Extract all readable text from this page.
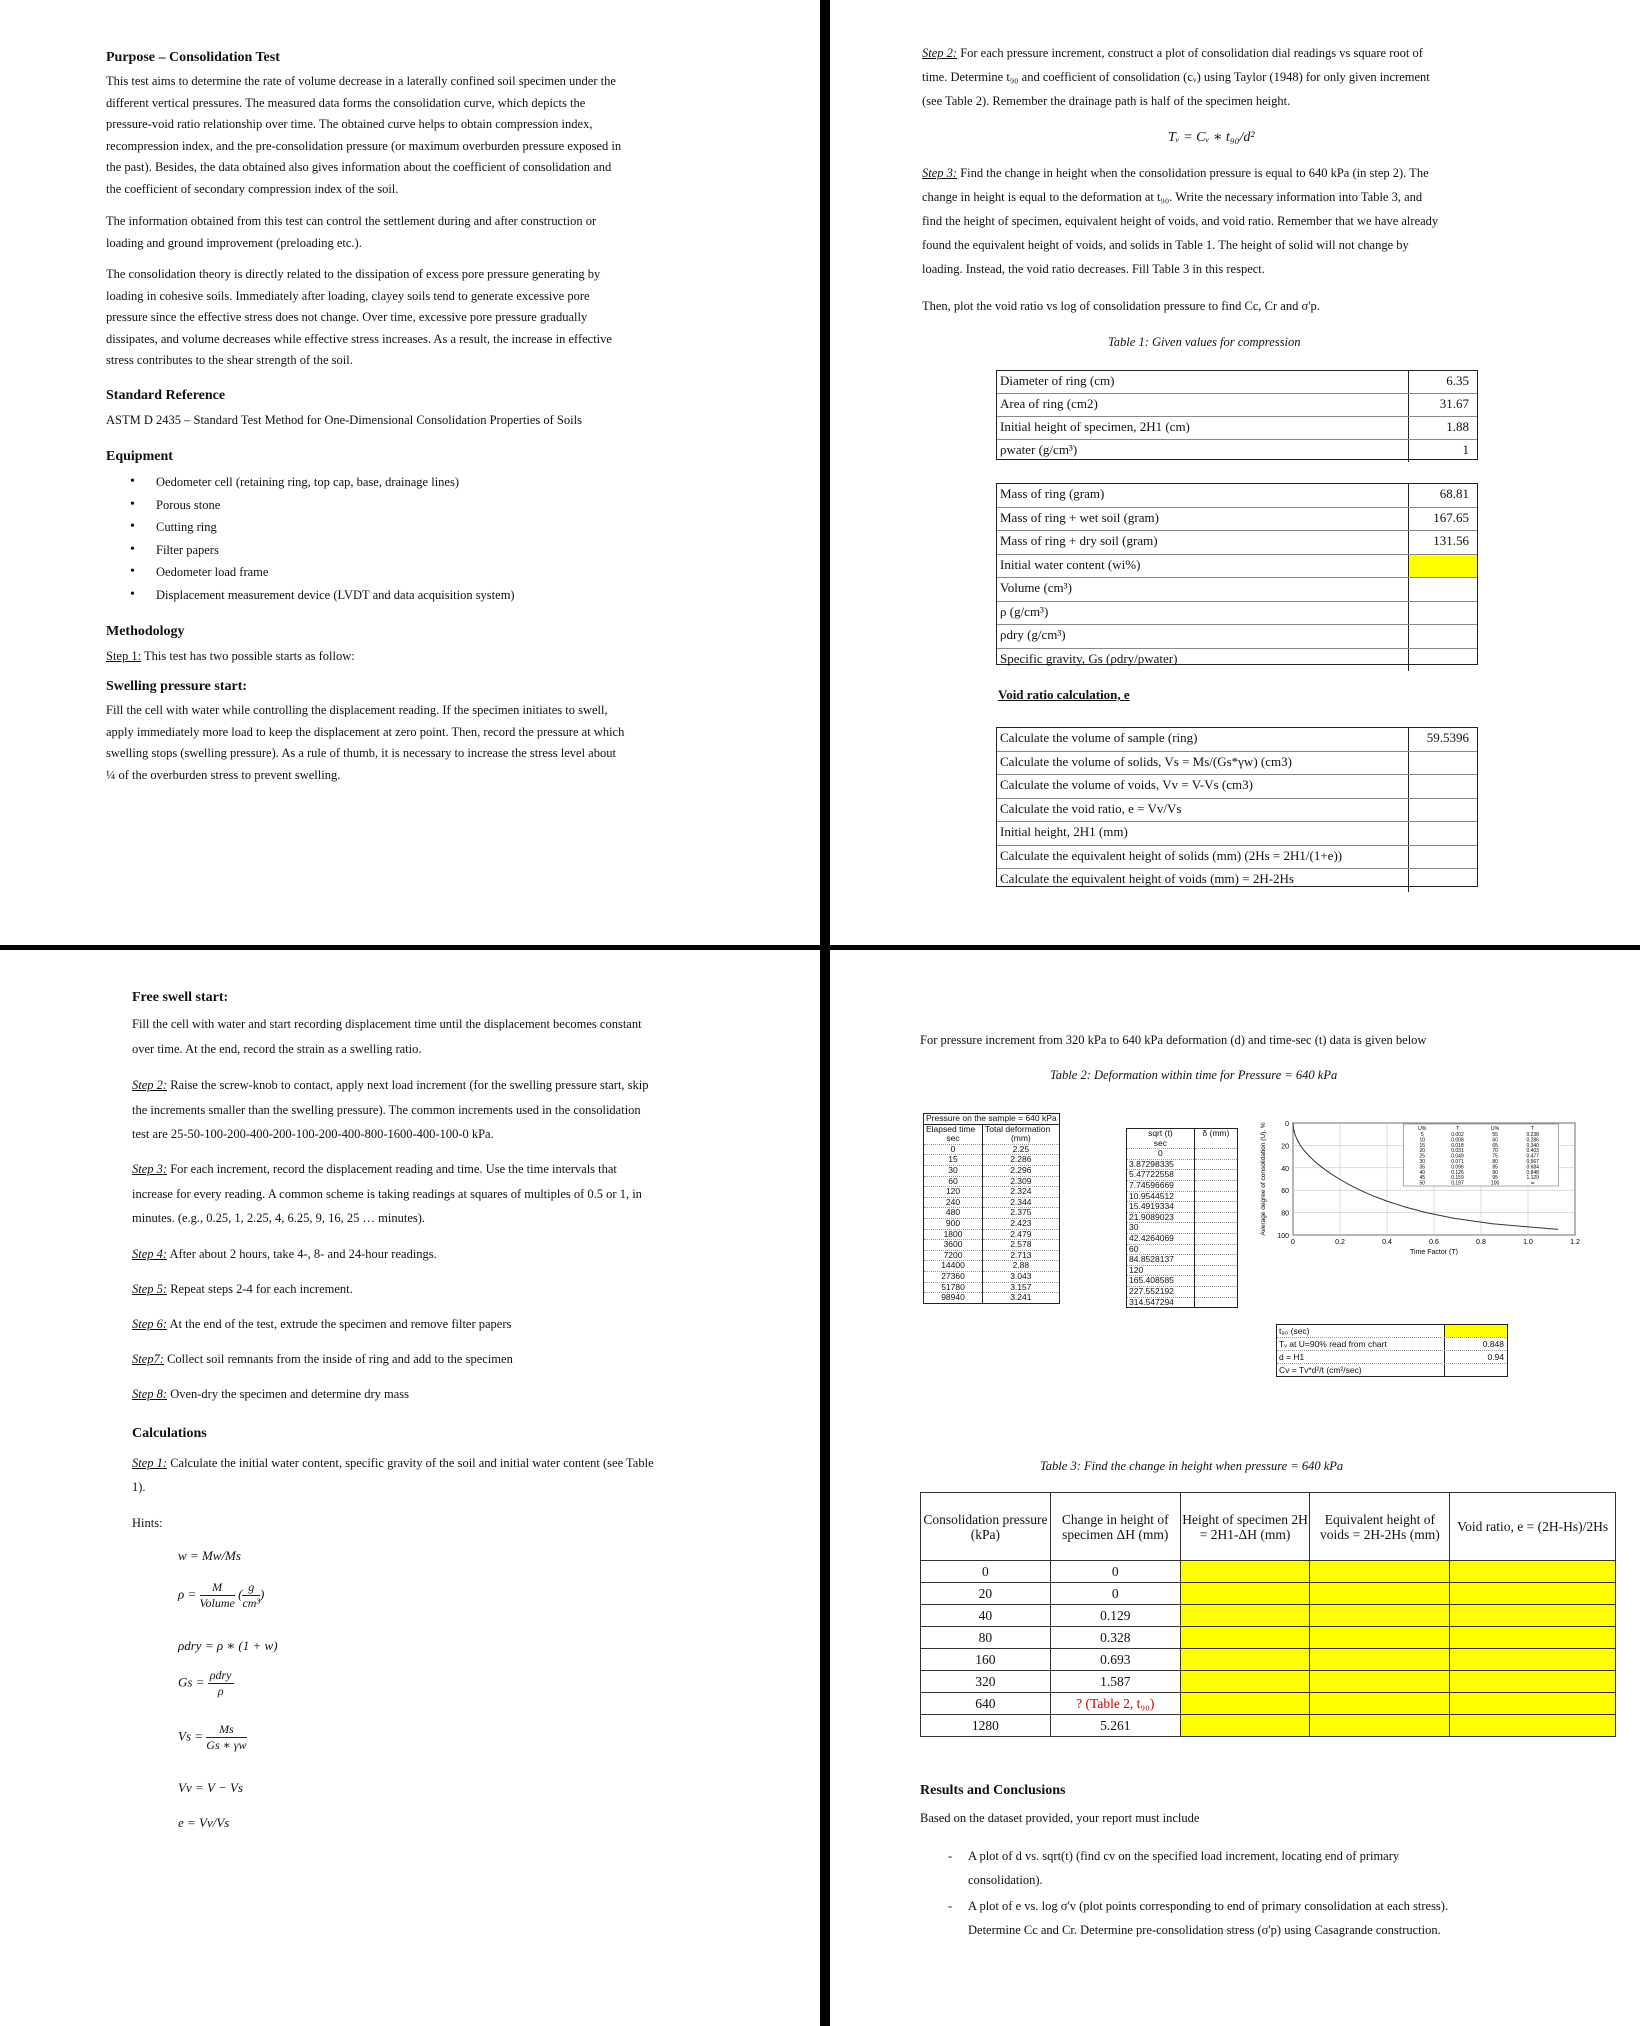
Purpose – Consolidation Test
This test aims to determine the rate of volume decrease in a laterally confined soil specimen under the
different vertical pressures. The measured data forms the consolidation curve, which depicts the
pressure-void ratio relationship over time. The obtained curve helps to obtain compression index,
recompression index, and the pre-consolidation pressure (or maximum overburden pressure exposed in
the past). Besides, the data obtained also gives information about the coefficient of consolidation and
the coefficient of secondary compression index of the soil.
The information obtained from this test can control the settlement during and after construction or
loading and ground improvement (preloading etc.).
The consolidation theory is directly related to the dissipation of excess pore pressure generating by
loading in cohesive soils. Immediately after loading, clayey soils tend to generate excessive pore
pressure since the effective stress does not change. Over time, excessive pore pressure gradually
dissipates, and volume decreases while effective stress increases. As a result, the increase in effective
stress contributes to the shear strength of the soil.
Standard Reference
ASTM D 2435 – Standard Test Method for One-Dimensional Consolidation Properties of Soils
Equipment
• Oedometer cell (retaining ring, top cap, base, drainage lines)
• Porous stone
• Cutting ring
• Filter papers
• Oedometer load frame
• Displacement measurement device (LVDT and data acquisition system)
Methodology
Step 1: This test has two possible starts as follow:
Swelling pressure start:
Fill the cell with water while controlling the displacement reading. If the specimen initiates to swell,
apply immediately more load to keep the displacement at zero point. Then, record the pressure at which
swelling stops (swelling pressure). As a rule of thumb, it is necessary to increase the stress level about
¼ of the overburden stress to prevent swelling.
Step 2: For each pressure increment, construct a plot of consolidation dial readings vs square root of
time. Determine t₉₀ and coefficient of consolidation (cᵥ) using Taylor (1948) for only given increment
(see Table 2). Remember the drainage path is half of the specimen height.
Tᵥ = Cᵥ ∗ t₉₀/d²
Step 3: Find the change in height when the consolidation pressure is equal to 640 kPa (in step 2). The
change in height is equal to the deformation at t₉₀. Write the necessary information into Table 3, and
find the height of specimen, equivalent height of voids, and void ratio. Remember that we have already
found the equivalent height of voids, and solids in Table 1. The height of solid will not change by
loading. Instead, the void ratio decreases. Fill Table 3 in this respect.
Then, plot the void ratio vs log of consolidation pressure to find Cc, Cr and σ'p.
Table 1: Given values for compression
Diameter of ring (cm)	6.35
Area of ring (cm2)	31.67
Initial height of specimen, 2H1 (cm)	1.88
ρwater (g/cm³)	1
Mass of ring (gram)	68.81
Mass of ring + wet soil (gram)	167.65
Mass of ring + dry soil (gram)	131.56
Initial water content (wi%)
Volume (cm³)
ρ (g/cm³)
ρdry (g/cm³)
Specific gravity, Gs (ρdry/ρwater)
Void ratio calculation, e
Calculate the volume of sample (ring)	59.5396
Calculate the volume of solids, Vs = Ms/(Gs*γw) (cm3)
Calculate the volume of voids, Vv = V-Vs (cm3)
Calculate the void ratio, e = Vv/Vs
Initial height, 2H1 (mm)
Calculate the equivalent height of solids (mm) (2Hs = 2H1/(1+e))
Calculate the equivalent height of voids (mm) = 2H-2Hs
Free swell start:
Fill the cell with water and start recording displacement time until the displacement becomes constant
over time. At the end, record the strain as a swelling ratio.
Step 2: Raise the screw-knob to contact, apply next load increment (for the swelling pressure start, skip
the increments smaller than the swelling pressure). The common increments used in the consolidation
test are 25-50-100-200-400-200-100-200-400-800-1600-400-100-0 kPa.
Step 3: For each increment, record the displacement reading and time. Use the time intervals that
increase for every reading. A common scheme is taking readings at squares of multiples of 0.5 or 1, in
minutes. (e.g., 0.25, 1, 2.25, 4, 6.25, 9, 16, 25 … minutes).
Step 4: After about 2 hours, take 4-, 8- and 24-hour readings.
Step 5: Repeat steps 2-4 for each increment.
Step 6: At the end of the test, extrude the specimen and remove filter papers
Step7: Collect soil remnants from the inside of ring and add to the specimen
Step 8: Oven-dry the specimen and determine dry mass
Calculations
Step 1: Calculate the initial water content, specific gravity of the soil and initial water content (see Table
1).
Hints:
w = Mw/Ms
$\rho = \frac{M}{\text{Volume}}$ ( $\frac{g}{\text{cm³}}$ )
ρdry = ρ ∗ (1 + w)
$Gs = \frac{\text{ρdry}}{\rho}$
$Vs = \frac{Ms}{Gs ∗ \gamma w}$
Vv = V − Vs
e = Vv/Vs
For pressure increment from 320 kPa to 640 kPa deformation (d) and time-sec (t) data is given below
Table 2: Deformation within time for Pressure = 640 kPa
Pressure on the sample = 640 kPa	
Elapsed time	Total deformation
sec	(mm)
0	2.25
15	2.286
30	2.296
60	2.309
120	2.324
240	2.344
480	2.375
900	2.423
1800	2.479
3600	2.578
7200	2.713
14400	2.88
27360	3.043
51780	3.157
98940	3.241
sqrt (t)	δ (mm)
sec	
0	
3.87298335	
5.47722558	
7.74596669	
10.9544512	
15.4919334	
21.9089023	
30	
42.4264069	
60	
84.8528137	
120	
165.408585	
227.552192	
314.547294	
0
20
40
60
80
100
0	0.2	0.4	0.6	0.8	1.0	1.2
Time Factor (T)
Average degree of consolidation (U), %	U%	T	U%	T
5	0.002	55	0.238
10	0.008	60	0.286
15	0.018	65	0.340
20	0.031	70	0.403
25	0.049	75	0.477
30	0.071	80	0.567
35	0.096	85	0.684
40	0.126	90	0.848
45	0.159	95	1.129
50	0.197	100	∞
t₉₀ (sec)
Tᵥ at U=90% read from chart	0.848
d = H1	0.94
Cv = Tv*d²/t (cm²/sec)
Table 3: Find the change in height when pressure = 640 kPa
Consolidation pressure (kPa)	Change in height of specimen ΔH (mm)	Height of specimen 2H = 2H1-ΔH (mm)	Equivalent height of voids = 2H-2Hs (mm)	Void ratio, e = (2H-Hs)/2Hs
0	0			
20	0			
40	0.129			
80	0.328			
160	0.693			
320	1.587			
640	? (Table 2, t₉₀)			
1280	5.261			
Results and Conclusions
Based on the dataset provided, your report must include
- A plot of d vs. sqrt(t) (find cv on the specified load increment, locating end of primary
consolidation).
- A plot of e vs. log σ'v (plot points corresponding to end of primary consolidation at each stress).
Determine Cc and Cr. Determine pre-consolidation stress (σ'p) using Casagrande construction.
